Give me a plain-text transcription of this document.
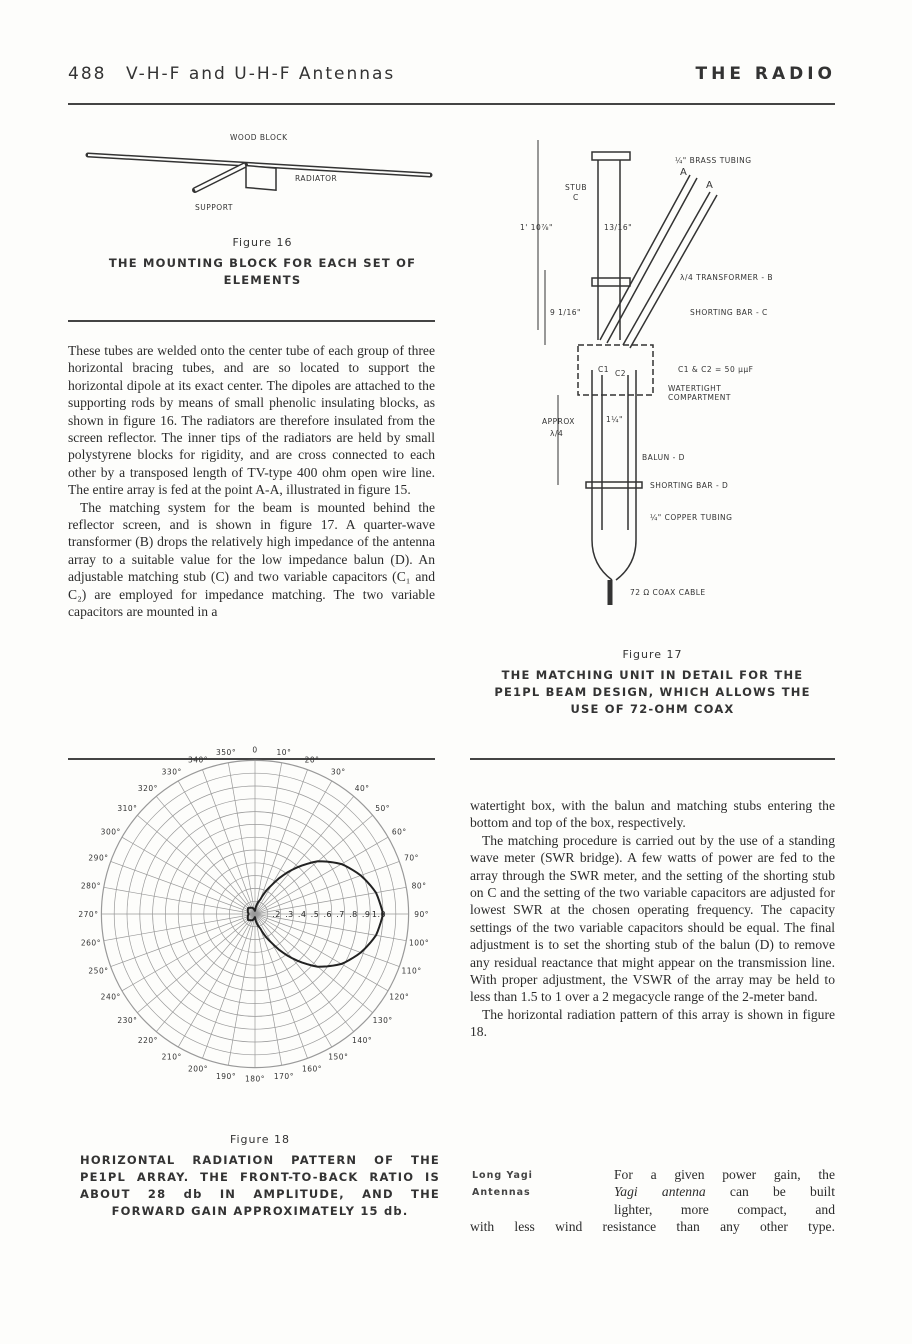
488 V-H-F and U-H-F Antennas	THE RADIO
WOOD BLOCK
RADIATOR
SUPPORT
Figure 16
THE MOUNTING BLOCK FOR EACH SET OF ELEMENTS

These tubes are welded onto the center tube of each group of three horizontal bracing tubes, and are so located to support the horizontal dipole at its exact center. The dipoles are attached to the supporting rods by means of small phenolic insulating blocks, as shown in figure 16. The radiators are therefore insulated from the screen reflector. The inner tips of the radiators are held by small polystyrene blocks for rigidity, and are cross connected to each other by a transposed length of TV-type 400 ohm open wire line. The entire array is fed at the point A-A, illustrated in figure 15.

The matching system for the beam is mounted behind the reflector screen, and is shown in figure 17. A quarter-wave transformer (B) drops the relatively high impedance of the antenna array to a suitable value for the low impedance balun (D). An adjustable matching stub (C) and two variable capacitors (C₁ and C₂) are employed for impedance matching. The two variable capacitors are mounted in a

¼" BRASS TUBING
A
A
STUB
C
1' 10⅞"	13/16"
λ/4 TRANSFORMER - B
9 1/16"	SHORTING BAR - C
C1 C2	C1 & C2 = 50 μμF
WATERTIGHT
COMPARTMENT
APPROX
λ/4
1¼"
BALUN - D
SHORTING BAR - D
¼" COPPER TUBING
72 Ω COAX CABLE
Figure 17
THE MATCHING UNIT IN DETAIL FOR THE PE1PL BEAM DESIGN, WHICH ALLOWS THE USE OF 72-OHM COAX
0	10°
20°
30°
40°
50°
60°
70°
80°
90°
100°
110°
120°
130°
140°
150°
160°
170°
180°
190°
200°
210°
220°
230°
240°
250°
260°
270°
280°
290°
300°
310°
320°
330°
340°
350°
.2 .3 .4 .5 .6 .7 .8 .9 1.0
Figure 18
HORIZONTAL RADIATION PATTERN OF THE PE1PL ARRAY. THE FRONT-TO-BACK RATIO IS ABOUT 28 db IN AMPLITUDE, AND THE FORWARD GAIN APPROXIMATELY 15 db.

watertight box, with the balun and matching stubs entering the bottom and top of the box, respectively.

The matching procedure is carried out by the use of a standing wave meter (SWR bridge). A few watts of power are fed to the array through the SWR meter, and the setting of the shorting stub on C and the setting of the two variable capacitors are adjusted for lowest SWR at the chosen operating frequency. The capacity settings of the two variable capacitors should be equal. The final adjustment is to set the shorting stub of the balun (D) to remove any residual reactance that might appear on the transmission line. With proper adjustment, the VSWR of the array may be held to less than 1.5 to 1 over a 2 megacycle range of the 2-meter band.

The horizontal radiation pattern of this array is shown in figure 18.

Long Yagi
Antennas
For a given power gain, the
Yagi antenna can be built
lighter, more compact, and
with less wind resistance than any other type.
